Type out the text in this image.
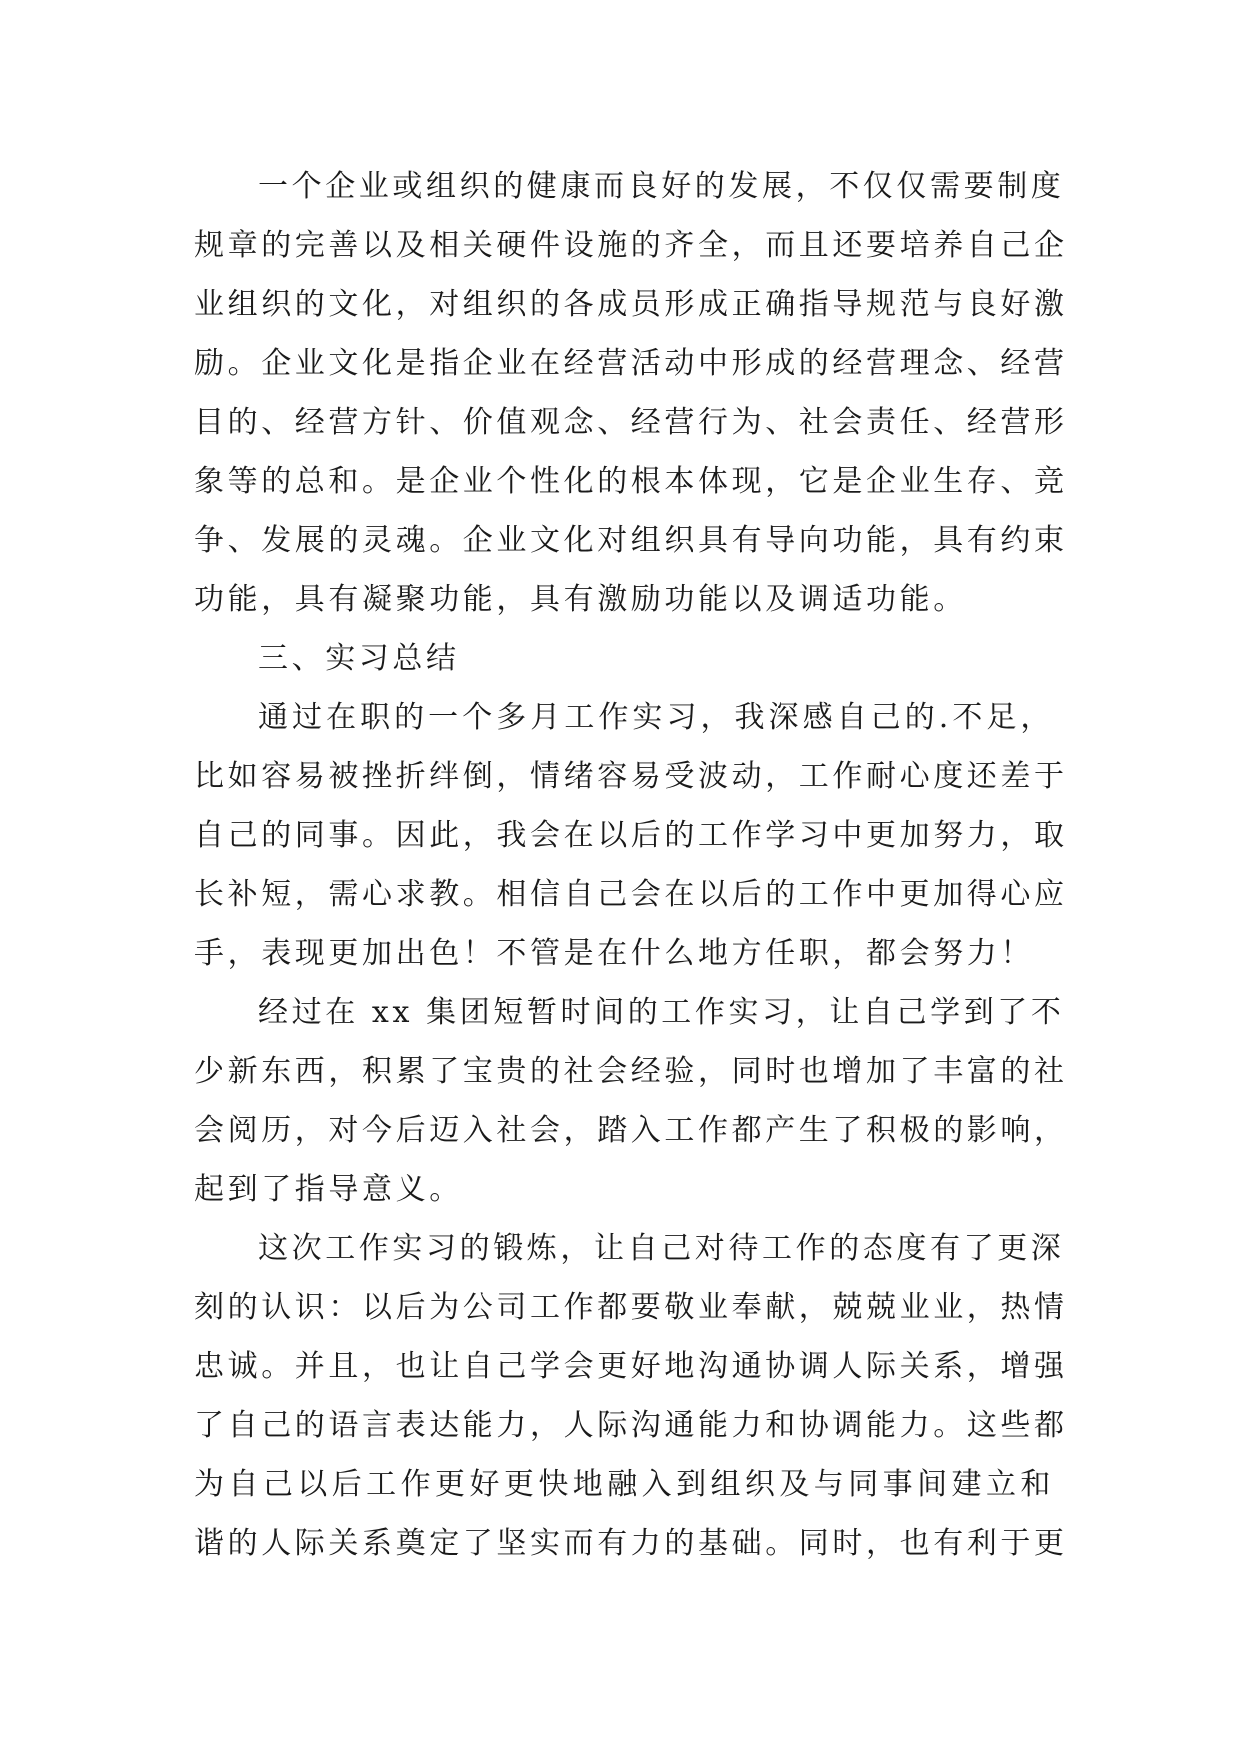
一个企业或组织的健康而良好的发展，不仅仅需要制度
规章的完善以及相关硬件设施的齐全，而且还要培养自己企
业组织的文化，对组织的各成员形成正确指导规范与良好激
励。企业文化是指企业在经营活动中形成的经营理念、经营
目的、经营方针、价值观念、经营行为、社会责任、经营形
象等的总和。是企业个性化的根本体现，它是企业生存、竞
争、发展的灵魂。企业文化对组织具有导向功能，具有约束
功能，具有凝聚功能，具有激励功能以及调适功能。
三、实习总结
通过在职的一个多月工作实习，我深感自己的.不足，
比如容易被挫折绊倒，情绪容易受波动，工作耐心度还差于
自己的同事。因此，我会在以后的工作学习中更加努力，取
长补短，需心求教。相信自己会在以后的工作中更加得心应
手，表现更加出色！不管是在什么地方任职，都会努力！
经过在 xx 集团短暂时间的工作实习，让自己学到了不
少新东西，积累了宝贵的社会经验，同时也增加了丰富的社
会阅历，对今后迈入社会，踏入工作都产生了积极的影响，
起到了指导意义。
这次工作实习的锻炼，让自己对待工作的态度有了更深
刻的认识：以后为公司工作都要敬业奉献，兢兢业业，热情
忠诚。并且，也让自己学会更好地沟通协调人际关系，增强
了自己的语言表达能力，人际沟通能力和协调能力。这些都
为自己以后工作更好更快地融入到组织及与同事间建立和
谐的人际关系奠定了坚实而有力的基础。同时，也有利于更
